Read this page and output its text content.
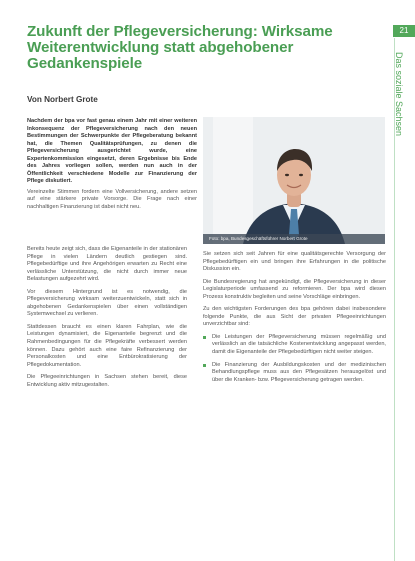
21
Das soziale Sachsen
Zukunft der Pflegeversicherung: Wirksame Weiterentwicklung statt abgehobener Gedankenspiele
Von Norbert Grote

Nachdem der bpa vor fast genau einem Jahr mit einer weiteren Inkonsequenz der Pflegeversicherung nach den neuen Bestimmungen der Schwerpunkte der Pflegeberatung bekannt hat, die Themen Qualitätsprüfungen, zu denen die Pflegeversicherung ausgerichtet wurde, eine Expertenkommission eingesetzt, deren Ergebnisse bis Ende des Jahres vorliegen sollen, werden nun auch in der Öffentlichkeit verschiedene Modelle zur Finanzierung der Pflege diskutiert.

Vereinzelte Stimmen fordern eine Vollversicherung, andere setzen auf eine stärkere private Vorsorge. Die Frage nach einer nachhaltigen Finanzierung ist dabei nicht neu.

Foto: bpa, Bundesgeschäftsführer Norbert Grote

Bereits heute zeigt sich, dass die Eigenanteile in der stationären Pflege in vielen Ländern deutlich gestiegen sind. Pflegebedürftige und ihre Angehörigen erwarten zu Recht eine verlässliche Unterstützung, die nicht durch immer neue Belastungen aufgezehrt wird.

Vor diesem Hintergrund ist es notwendig, die Pflegeversicherung wirksam weiterzuentwickeln, statt sich in abgehobenen Gedankenspielen über einen vollständigen Systemwechsel zu verlieren.

Stattdessen braucht es einen klaren Fahrplan, wie die Leistungen dynamisiert, die Eigenanteile begrenzt und die Rahmenbedingungen für die Pflegekräfte verbessert werden können. Dazu gehört auch eine faire Refinanzierung der Personalkosten und eine Entbürokratisierung der Pflegedokumentation.

Die Pflegeeinrichtungen in Sachsen stehen bereit, diese Entwicklung aktiv mitzugestalten.

Sie setzen sich seit Jahren für eine qualitätsgerechte Versorgung der Pflegebedürftigen ein und bringen ihre Erfahrungen in die politische Diskussion ein.

Die Bundesregierung hat angekündigt, die Pflegeversicherung in dieser Legislaturperiode umfassend zu reformieren. Der bpa wird diesen Prozess konstruktiv begleiten und seine Vorschläge einbringen.

Zu den wichtigsten Forderungen des bpa gehören dabei insbesondere folgende Punkte, die aus Sicht der privaten Pflegeeinrichtungen unverzichtbar sind:

Die Leistungen der Pflegeversicherung müssen regelmäßig und verlässlich an die tatsächliche Kostenentwicklung angepasst werden, damit die Eigenanteile der Pflegebedürftigen nicht weiter steigen.
Die Finanzierung der Ausbildungskosten und der medizinischen Behandlungspflege muss aus den Pflegesätzen herausgelöst und über die Kranken- bzw. Pflegeversicherung getragen werden.
